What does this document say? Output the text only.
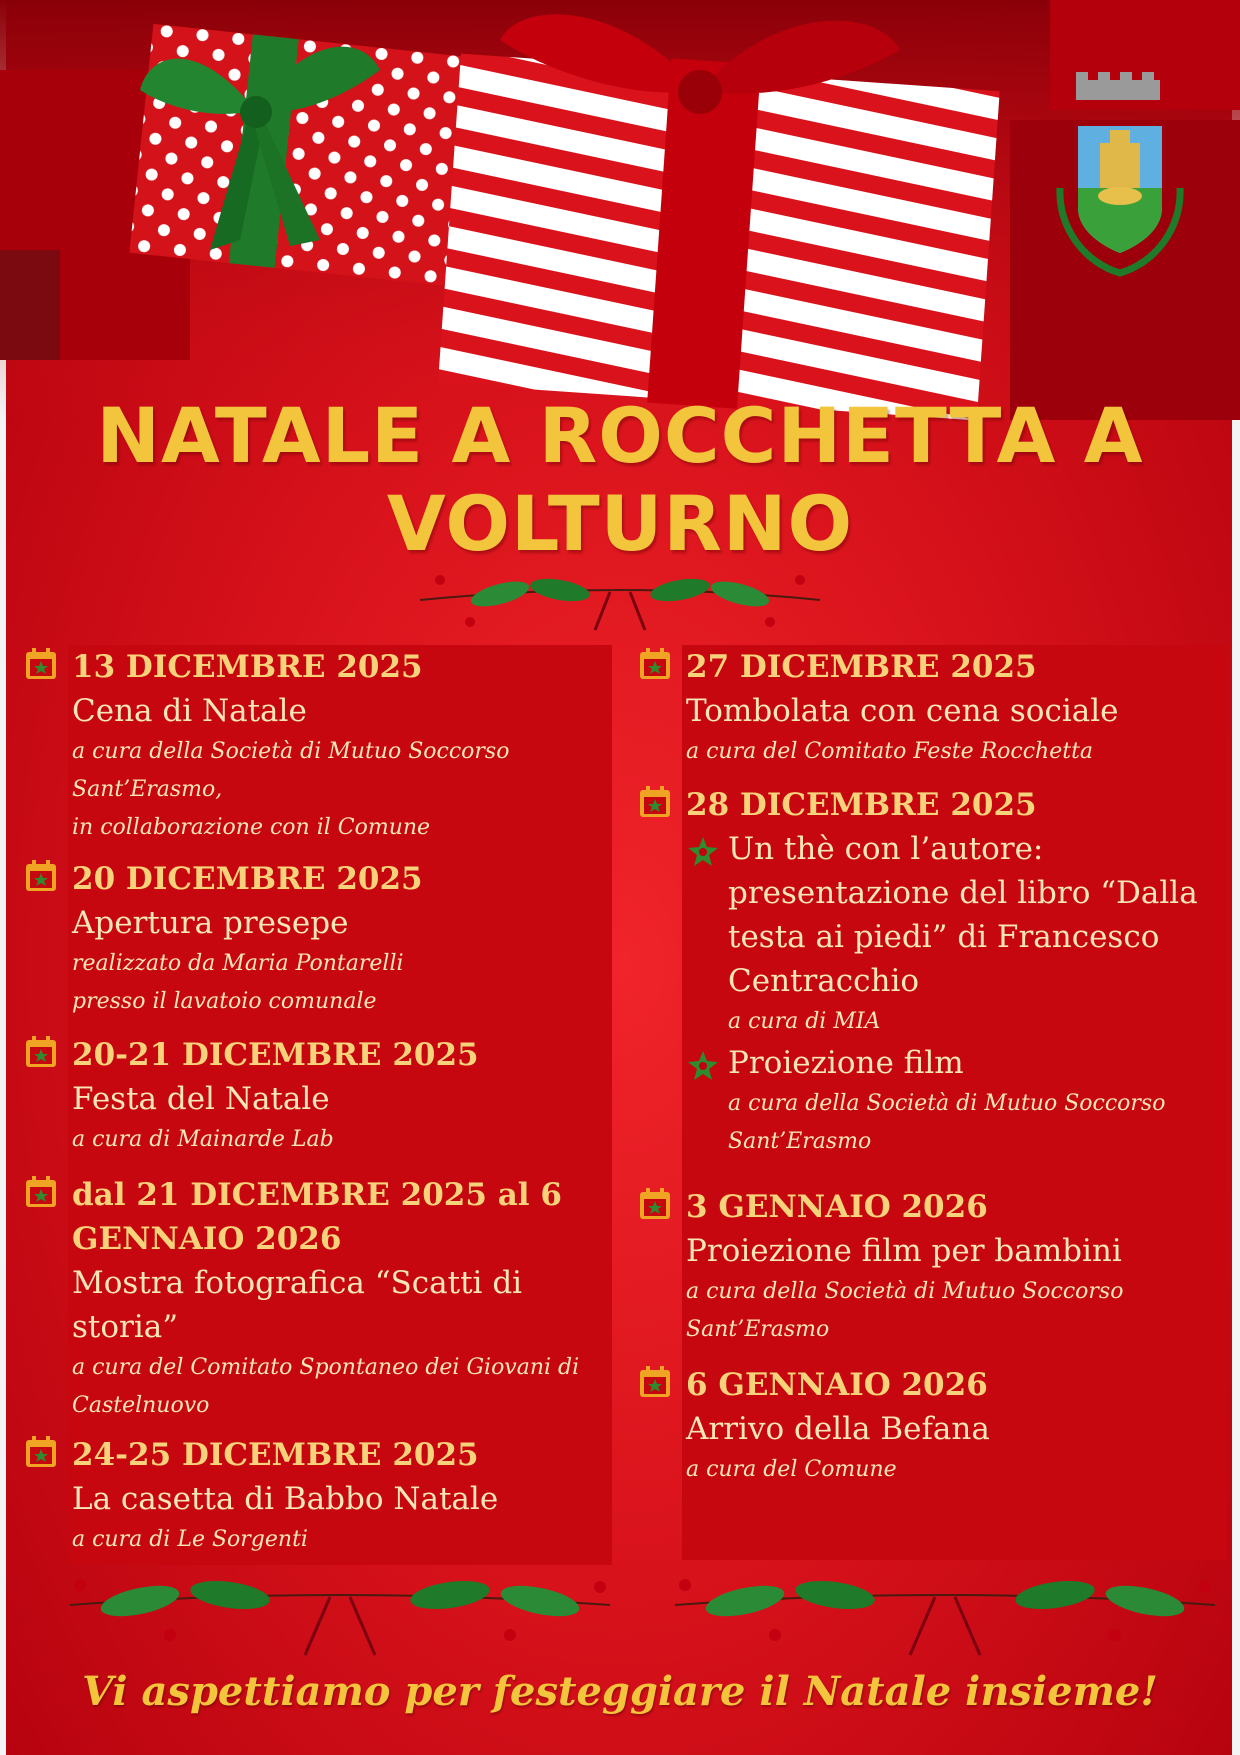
NATALE A ROCCHETTA A
VOLTURNO
13 DICEMBRE 2025
Cena di Natale
a cura della Società di Mutuo Soccorso
Sant’Erasmo,
in collaborazione con il Comune
20 DICEMBRE 2025
Apertura presepe
realizzato da Maria Pontarelli
presso il lavatoio comunale
20-21 DICEMBRE 2025
Festa del Natale
a cura di Mainarde Lab
dal 21 DICEMBRE 2025 al 6
GENNAIO 2026
Mostra fotografica “Scatti di
storia”
a cura del Comitato Spontaneo dei Giovani di
Castelnuovo
24-25 DICEMBRE 2025
La casetta di Babbo Natale
a cura di Le Sorgenti
27 DICEMBRE 2025
Tombolata con cena sociale
a cura del Comitato Feste Rocchetta
28 DICEMBRE 2025
Un thè con l’autore:
presentazione del libro “Dalla
testa ai piedi” di Francesco
Centracchio
a cura di MIA
Proiezione film
a cura della Società di Mutuo Soccorso
Sant’Erasmo
3 GENNAIO 2026
Proiezione film per bambini
a cura della Società di Mutuo Soccorso
Sant’Erasmo
6 GENNAIO 2026
Arrivo della Befana
a cura del Comune
Vi aspettiamo per festeggiare il Natale insieme!
